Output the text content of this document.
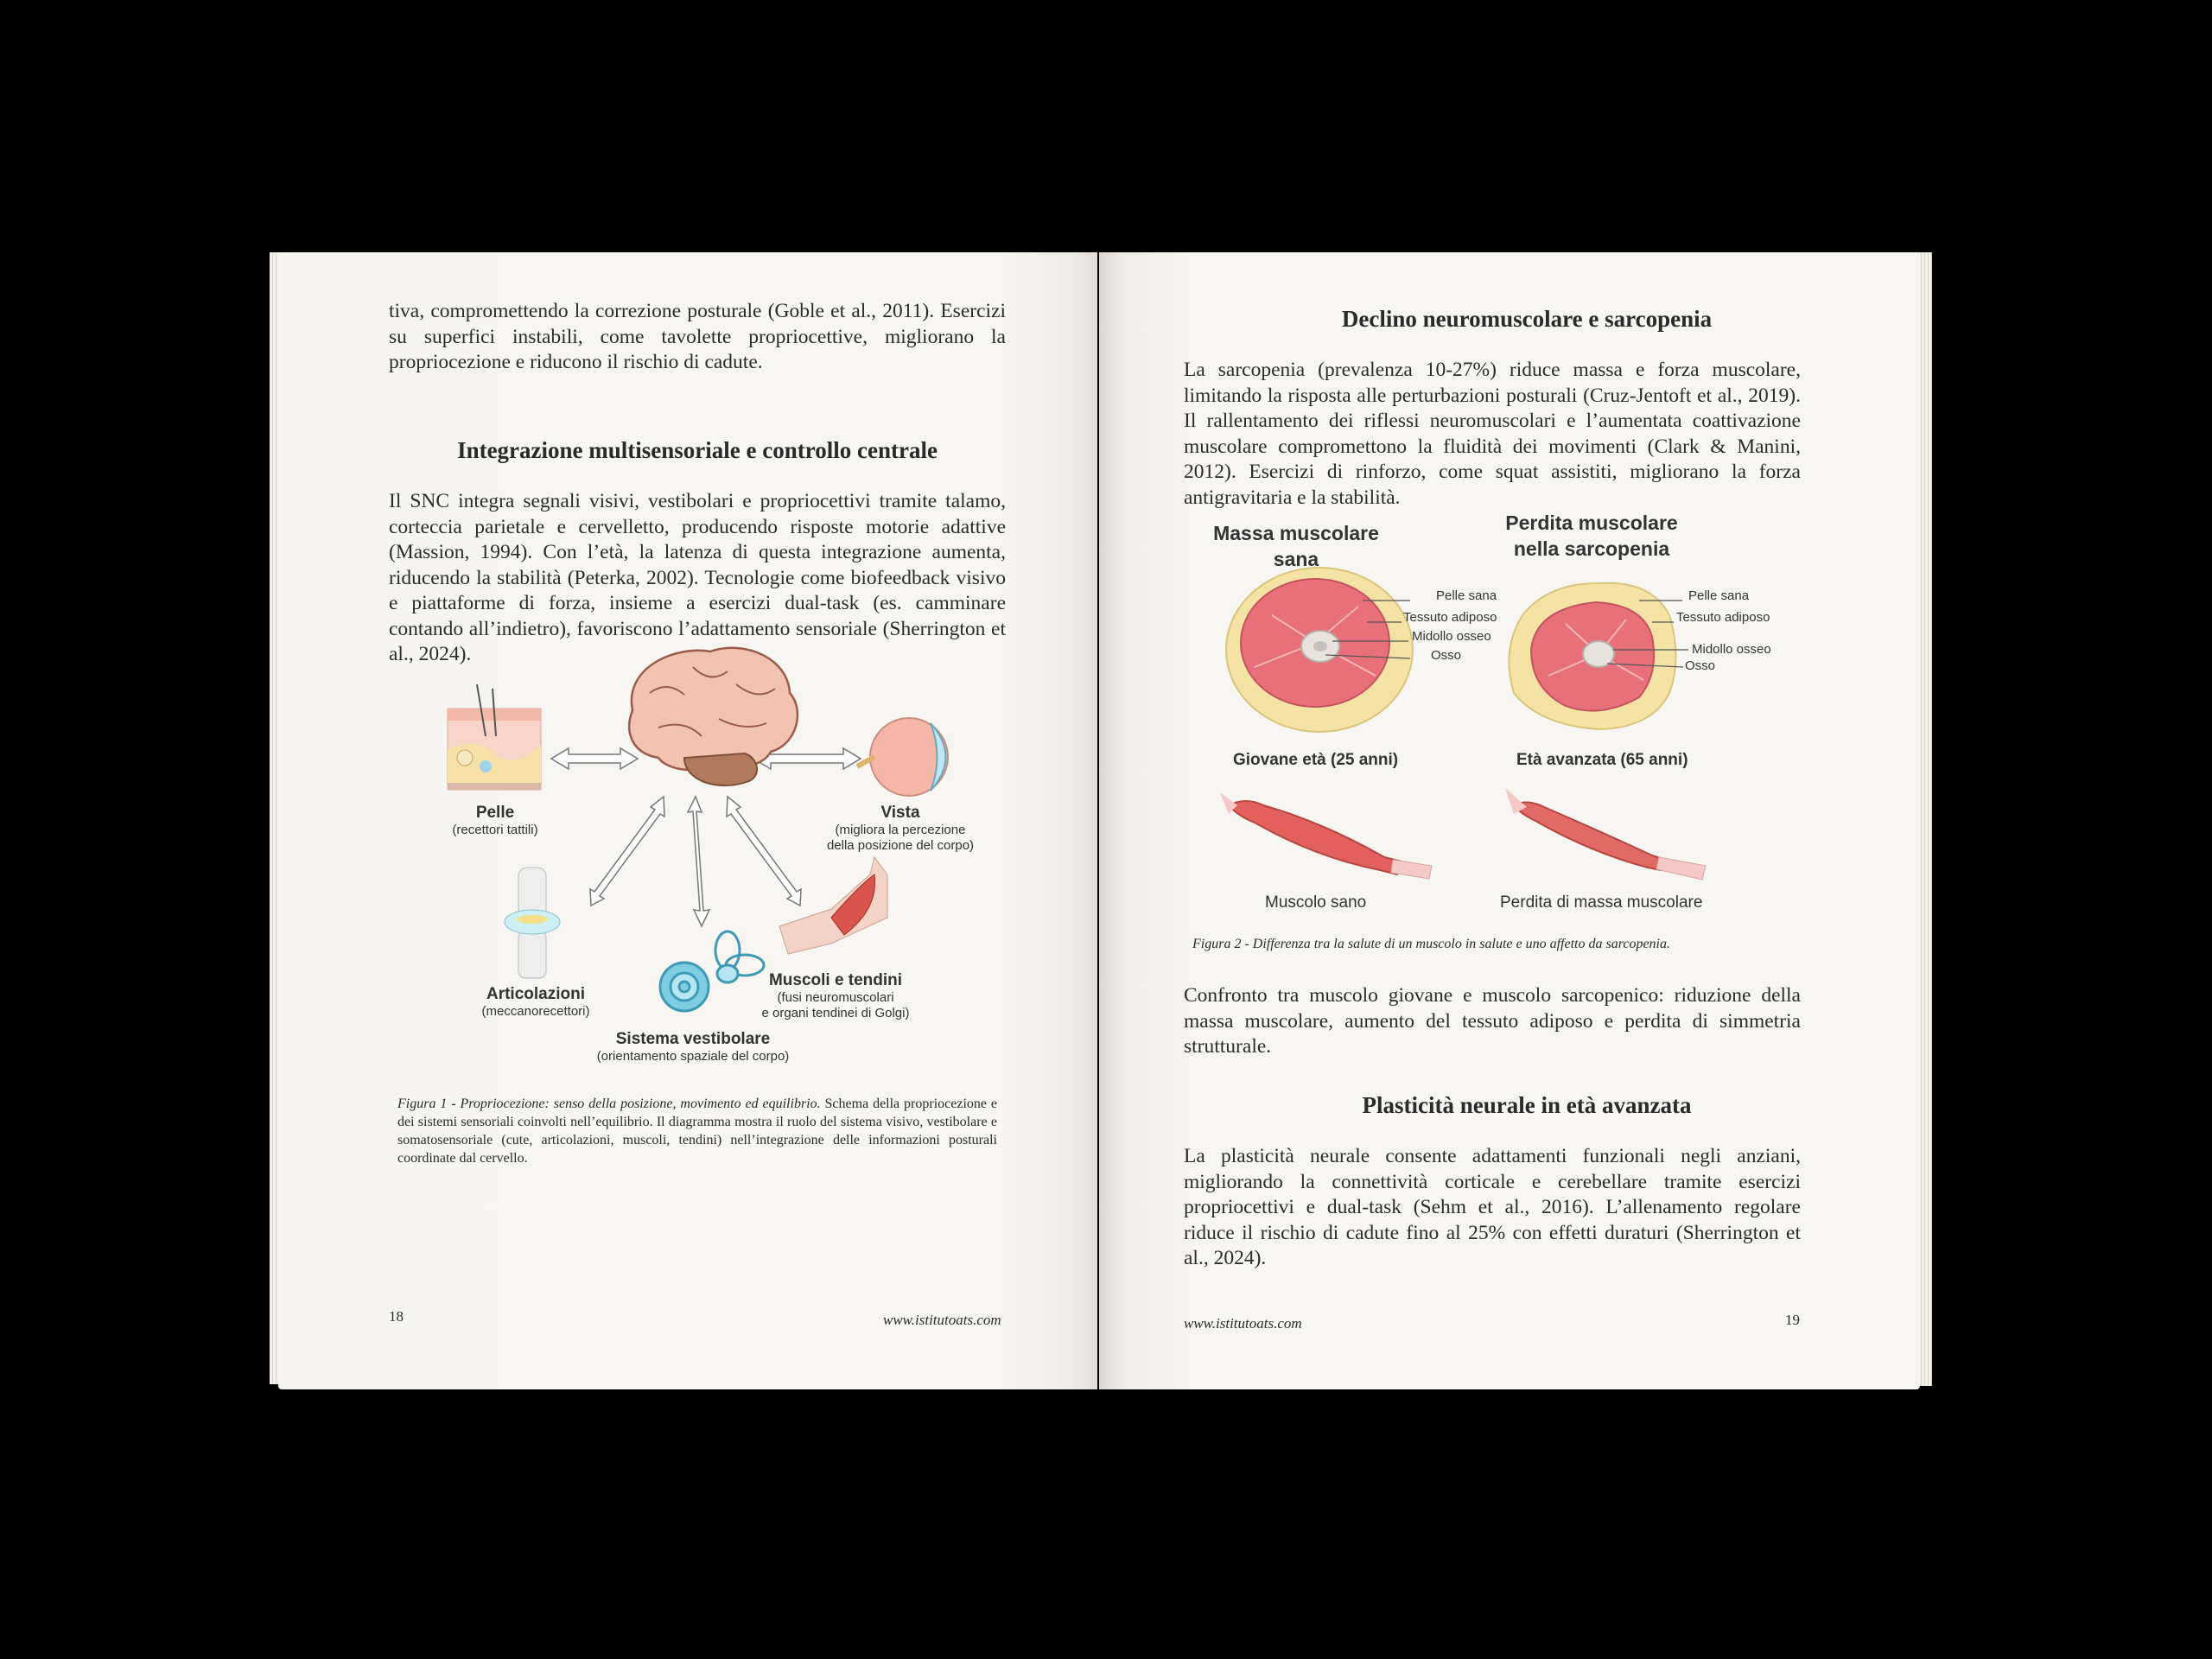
tiva, compromettendo la correzione posturale (Goble et al., 2011). Esercizi su superfici instabili, come tavolette propriocettive, migliorano la propriocezione e riducono il rischio di cadute.

Integrazione multisensoriale e controllo centrale

Il SNC integra segnali visivi, vestibolari e propriocettivi tramite talamo, corteccia parietale e cervelletto, producendo risposte motorie adattive (Massion, 1994). Con l’età, la latenza di questa integrazione aumenta, riducendo la stabilità (Peterka, 2002). Tecnologie come biofeedback visivo e piattaforme di forza, insieme a esercizi dual-task (es. camminare contando all’indietro), favoriscono l’adattamento sensoriale (Sherrington et al., 2024).

Pelle
(recettori tattili)
Vista
(migliora la percezione
della posizione del corpo)
Articolazioni
(meccanorecettori)
Muscoli e tendini
(fusi neuromuscolari
e organi tendinei di Golgi)
Sistema vestibolare
(orientamento spaziale del corpo)

Figura 1 - Propriocezione: senso della posizione, movimento ed equilibrio. Schema della propriocezione e dei sistemi sensoriali coinvolti nell’equilibrio. Il diagramma mostra il ruolo del sistema visivo, vestibolare e somatosensoriale (cute, articolazioni, muscoli, tendini) nell’integrazione delle informazioni posturali coordinate dal cervello.

18	www.istitutoats.com
Declino neuromuscolare e sarcopenia

La sarcopenia (prevalenza 10-27%) riduce massa e forza muscolare, limitando la risposta alle perturbazioni posturali (Cruz-Jentoft et al., 2019). Il rallentamento dei riflessi neuromuscolari e l’aumentata coattivazione muscolare compromettono la fluidità dei movimenti (Clark & Manini, 2012). Esercizi di rinforzo, come squat assistiti, migliorano la forza antigravitaria e la stabilità.

Massa muscolare sana
Perdita muscolare
nella sarcopenia
Pelle sana
Tessuto adiposo
Midollo osseo
Osso
Pelle sana
Tessuto adiposo
Midollo osseo
Osso
Giovane età (25 anni)	Età avanzata (65 anni)
Muscolo sano	Perdita di massa muscolare

Figura 2 - Differenza tra la salute di un muscolo in salute e uno affetto da sarcopenia.

Confronto tra muscolo giovane e muscolo sarcopenico: riduzione della massa muscolare, aumento del tessuto adiposo e perdita di simmetria strutturale.

Plasticità neurale in età avanzata

La plasticità neurale consente adattamenti funzionali negli anziani, migliorando la connettività corticale e cerebellare tramite esercizi propriocettivi e dual-task (Sehm et al., 2016). L’allenamento regolare riduce il rischio di cadute fino al 25% con effetti duraturi (Sherrington et al., 2024).

www.istitutoats.com	19
